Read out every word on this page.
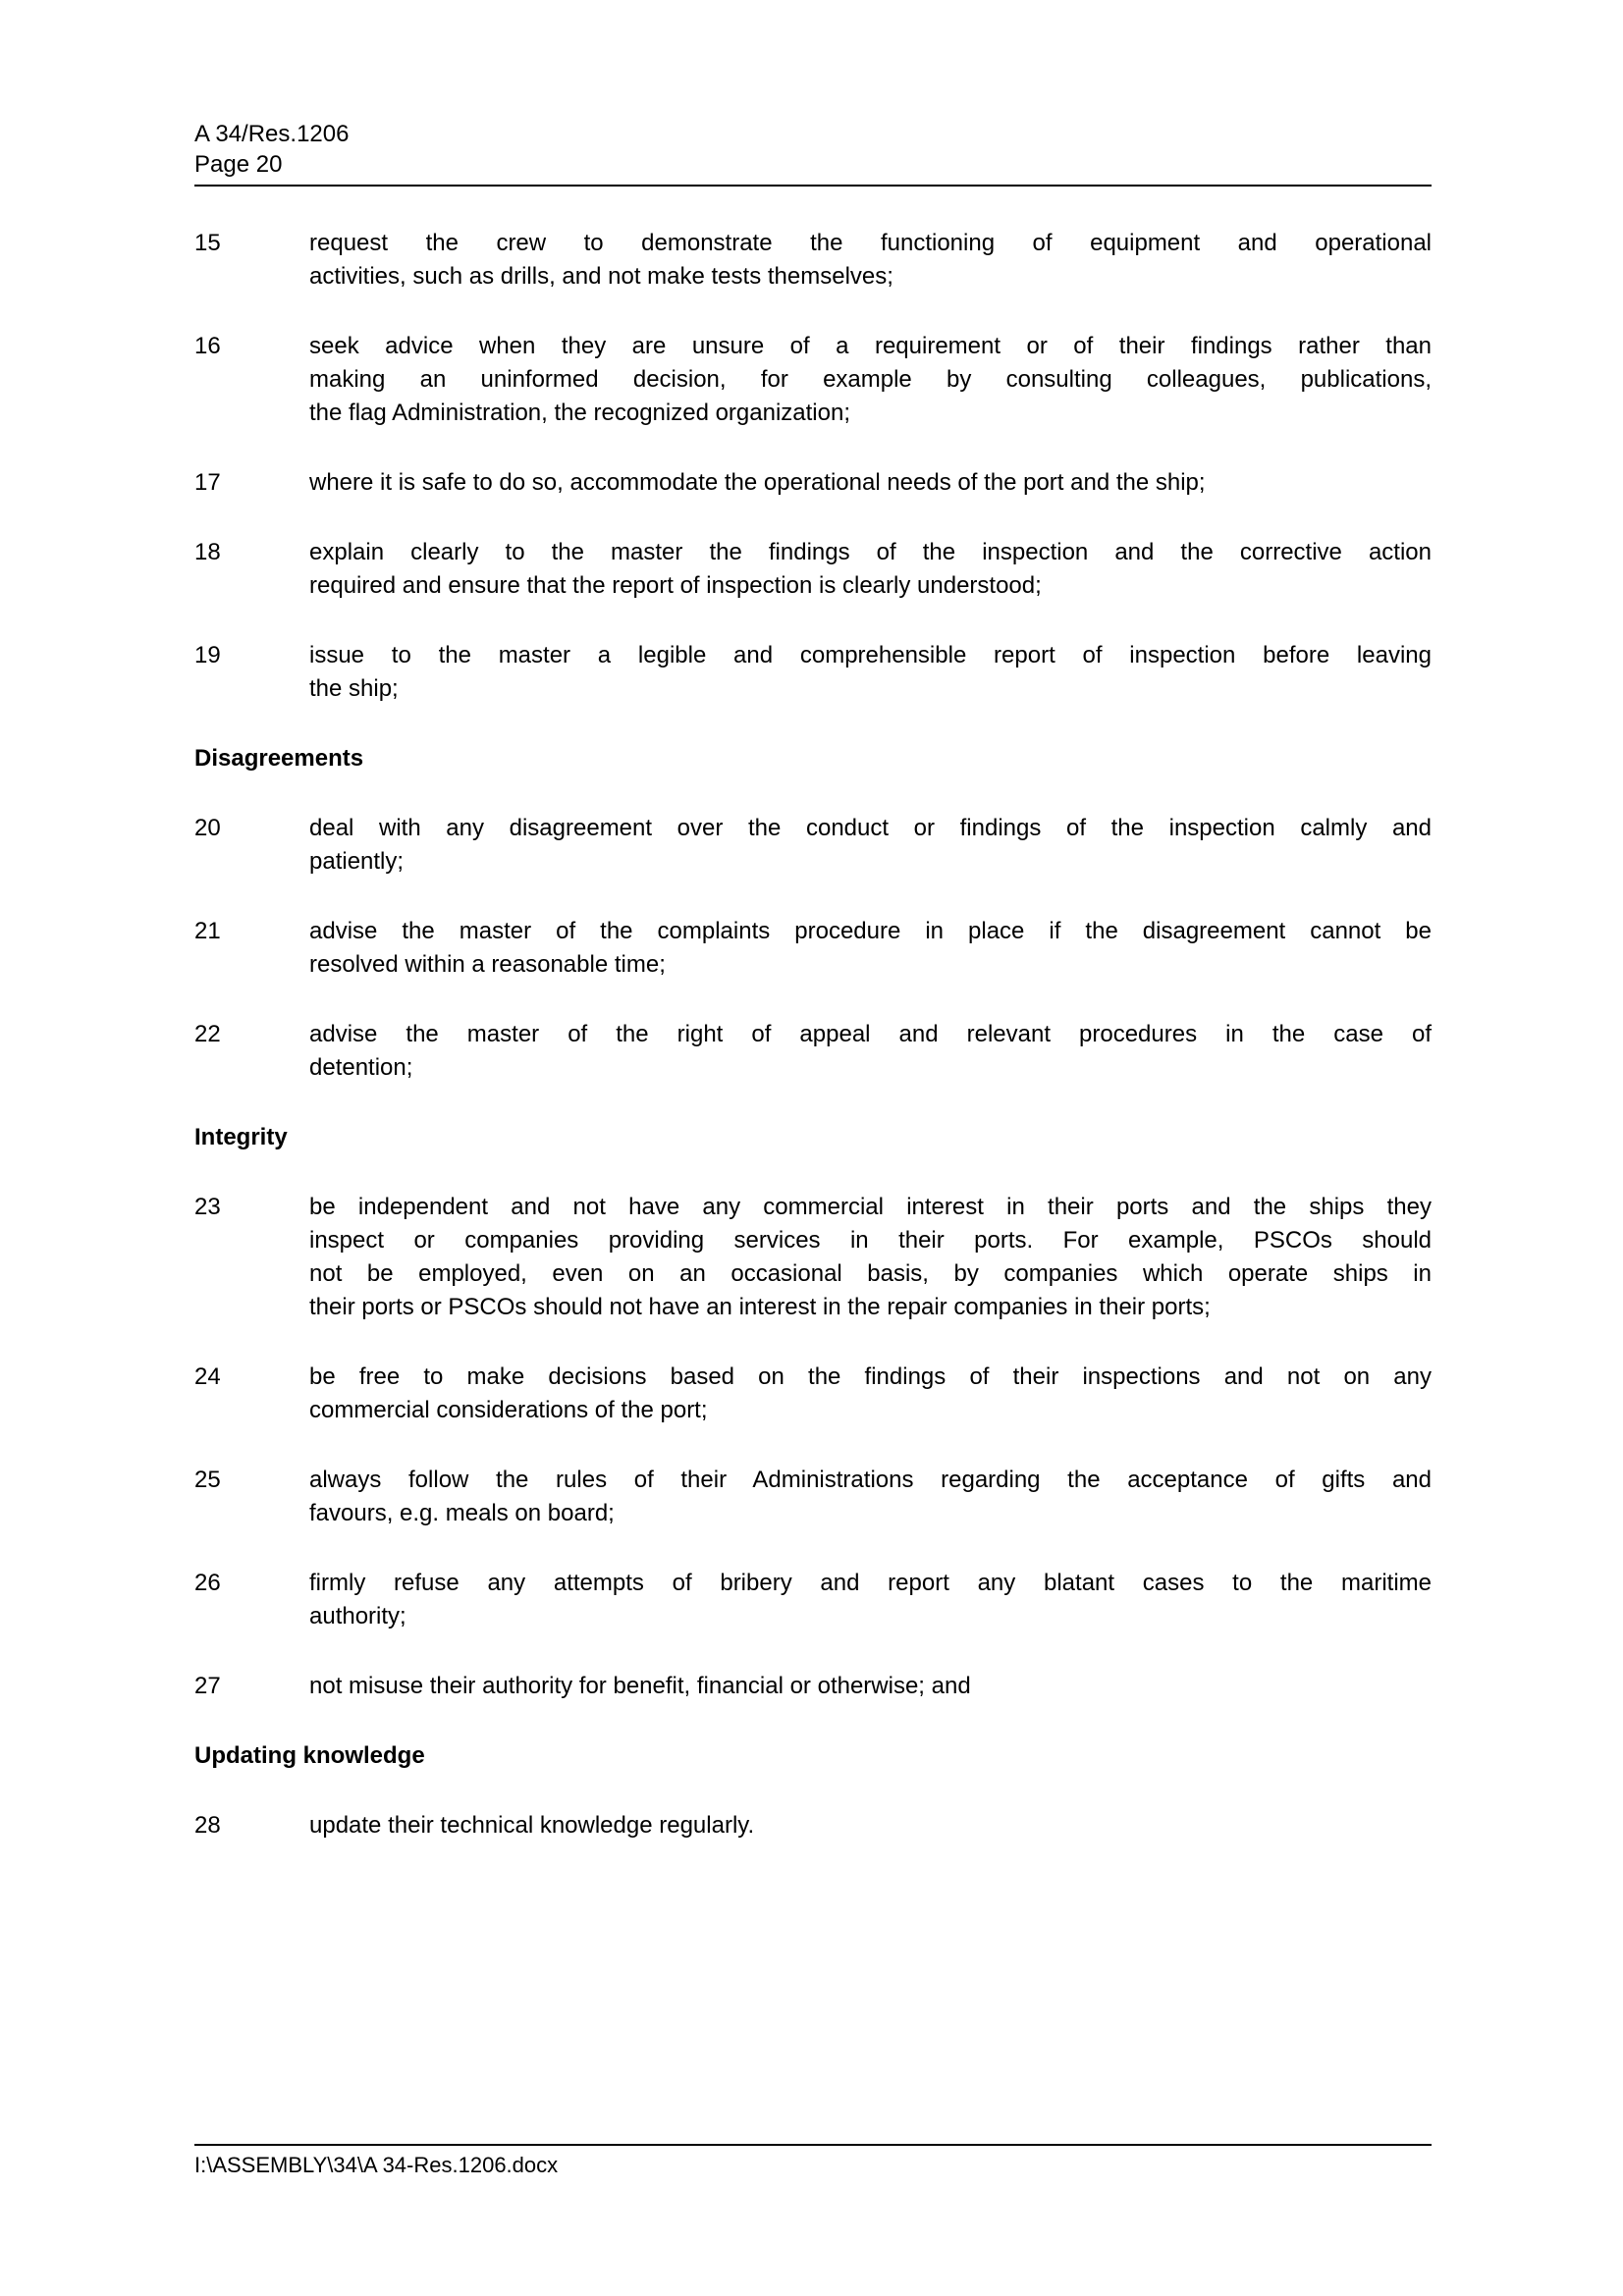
A 34/Res.1206
Page 20
15	request the crew to demonstrate the functioning of equipment and operational
activities, such as drills, and not make tests themselves;
16	seek advice when they are unsure of a requirement or of their findings rather than
making an uninformed decision, for example by consulting colleagues, publications,
the flag Administration, the recognized organization;
17	where it is safe to do so, accommodate the operational needs of the port and the ship;
18	explain clearly to the master the findings of the inspection and the corrective action
required and ensure that the report of inspection is clearly understood;
19	issue to the master a legible and comprehensible report of inspection before leaving
the ship;
Disagreements
20	deal with any disagreement over the conduct or findings of the inspection calmly and
patiently;
21	advise the master of the complaints procedure in place if the disagreement cannot be
resolved within a reasonable time;
22	advise the master of the right of appeal and relevant procedures in the case of
detention;
Integrity
23	be independent and not have any commercial interest in their ports and the ships they
inspect or companies providing services in their ports. For example, PSCOs should
not be employed, even on an occasional basis, by companies which operate ships in
their ports or PSCOs should not have an interest in the repair companies in their ports;
24	be free to make decisions based on the findings of their inspections and not on any
commercial considerations of the port;
25	always follow the rules of their Administrations regarding the acceptance of gifts and
favours, e.g. meals on board;
26	firmly refuse any attempts of bribery and report any blatant cases to the maritime
authority;
27	not misuse their authority for benefit, financial or otherwise; and
Updating knowledge
28	update their technical knowledge regularly.
I:\ASSEMBLY\34\A 34-Res.1206.docx
